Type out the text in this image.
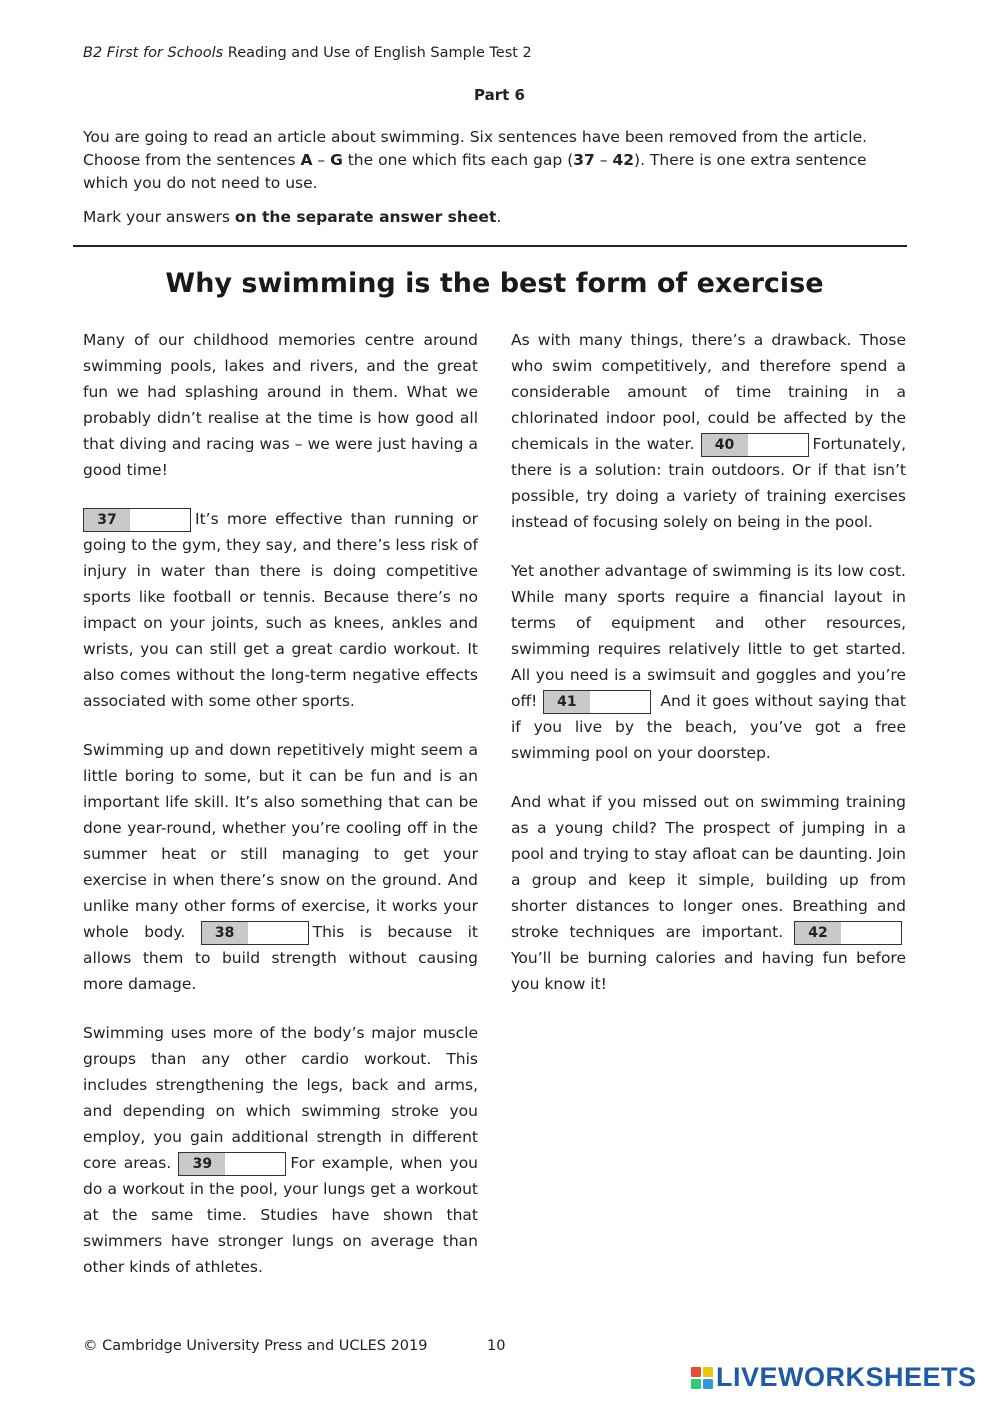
B2 First for Schools Reading and Use of English Sample Test 2
Part 6

You are going to read an article about swimming. Six sentences have been removed from the article. Choose from the sentences A – G the one which fits each gap (37 – 42). There is one extra sentence which you do not need to use.

Mark your answers on the separate answer sheet.

Why swimming is the best form of exercise

Many of our childhood memories centre around swimming pools, lakes and rivers, and the great fun we had splashing around in them. What we probably didn’t realise at the time is how good all that diving and racing was – we were just having a good time!

37	It’s more effective than running or going to the gym, they say, and there’s less risk of injury in water than there is doing competitive sports like football or tennis. Because there’s no impact on your joints, such as knees, ankles and wrists, you can still get a great cardio workout. It also comes without the long-term negative effects associated with some other sports.

Swimming up and down repetitively might seem a little boring to some, but it can be fun and is an important life skill. It’s also something that can be done year-round, whether you’re cooling off in the summer heat or still managing to get your exercise in when there’s snow on the ground. And unlike many other forms of exercise, it works your whole body.	38	This is because it allows them to build strength without causing more damage.

Swimming uses more of the body’s major muscle groups than any other cardio workout. This includes strengthening the legs, back and arms, and depending on which swimming stroke you employ, you gain additional strength in different core areas.	39	For example, when you do a workout in the pool, your lungs get a workout at the same time. Studies have shown that swimmers have stronger lungs on average than other kinds of athletes.

As with many things, there’s a drawback. Those who swim competitively, and therefore spend a considerable amount of time training in a chlorinated indoor pool, could be affected by the chemicals in the water.	40	Fortunately, there is a solution: train outdoors. Or if that isn’t possible, try doing a variety of training exercises instead of focusing solely on being in the pool.

Yet another advantage of swimming is its low cost. While many sports require a financial layout in terms of equipment and other resources, swimming requires relatively little to get started. All you need is a swimsuit and goggles and you’re off!	41	And it goes without saying that if you live by the beach, you’ve got a free swimming pool on your doorstep.

And what if you missed out on swimming training as a young child? The prospect of jumping in a pool and trying to stay afloat can be daunting. Join a group and keep it simple, building up from shorter distances to longer ones. Breathing and stroke techniques are important.	42
You’ll be burning calories and having fun before you know it!

© Cambridge University Press and UCLES 2019	10
LIVEWORKSHEETS
